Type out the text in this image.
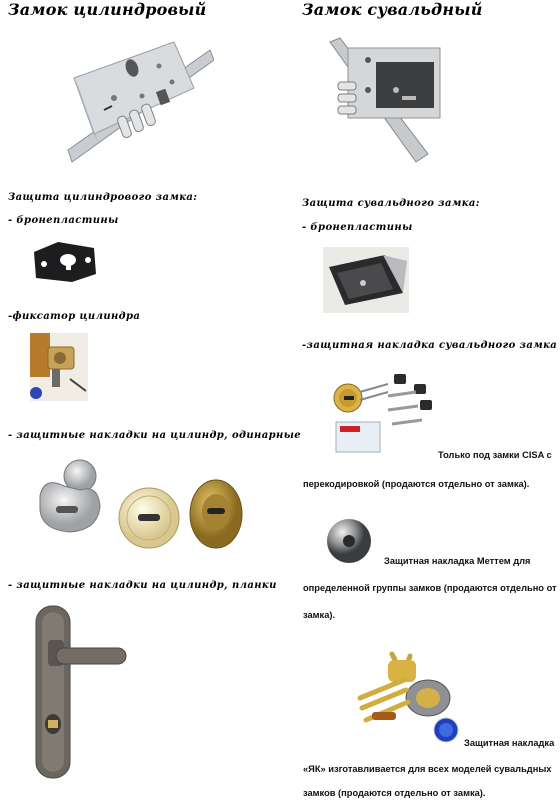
Замок цилиндровый
Защита цилиндрового замка:
- бронепластины
-фиксатор цилиндра
- защитные накладки на цилиндр, одинарные
- защитные накладки на цилиндр, планки
Замок сувальдный
Защита сувальдного замка:
- бронепластины
-защитная накладка сувальдного замка
Только под замки CISA с
перекодировкой (продаются отдельно от замка).
Защитная накладка Меттем для
определенной группы замков (продаются отдельно от
замка).
Защитная накладка
«ЯК» изготавливается для всех моделей сувальдных
замков (продаются отдельно от замка).
